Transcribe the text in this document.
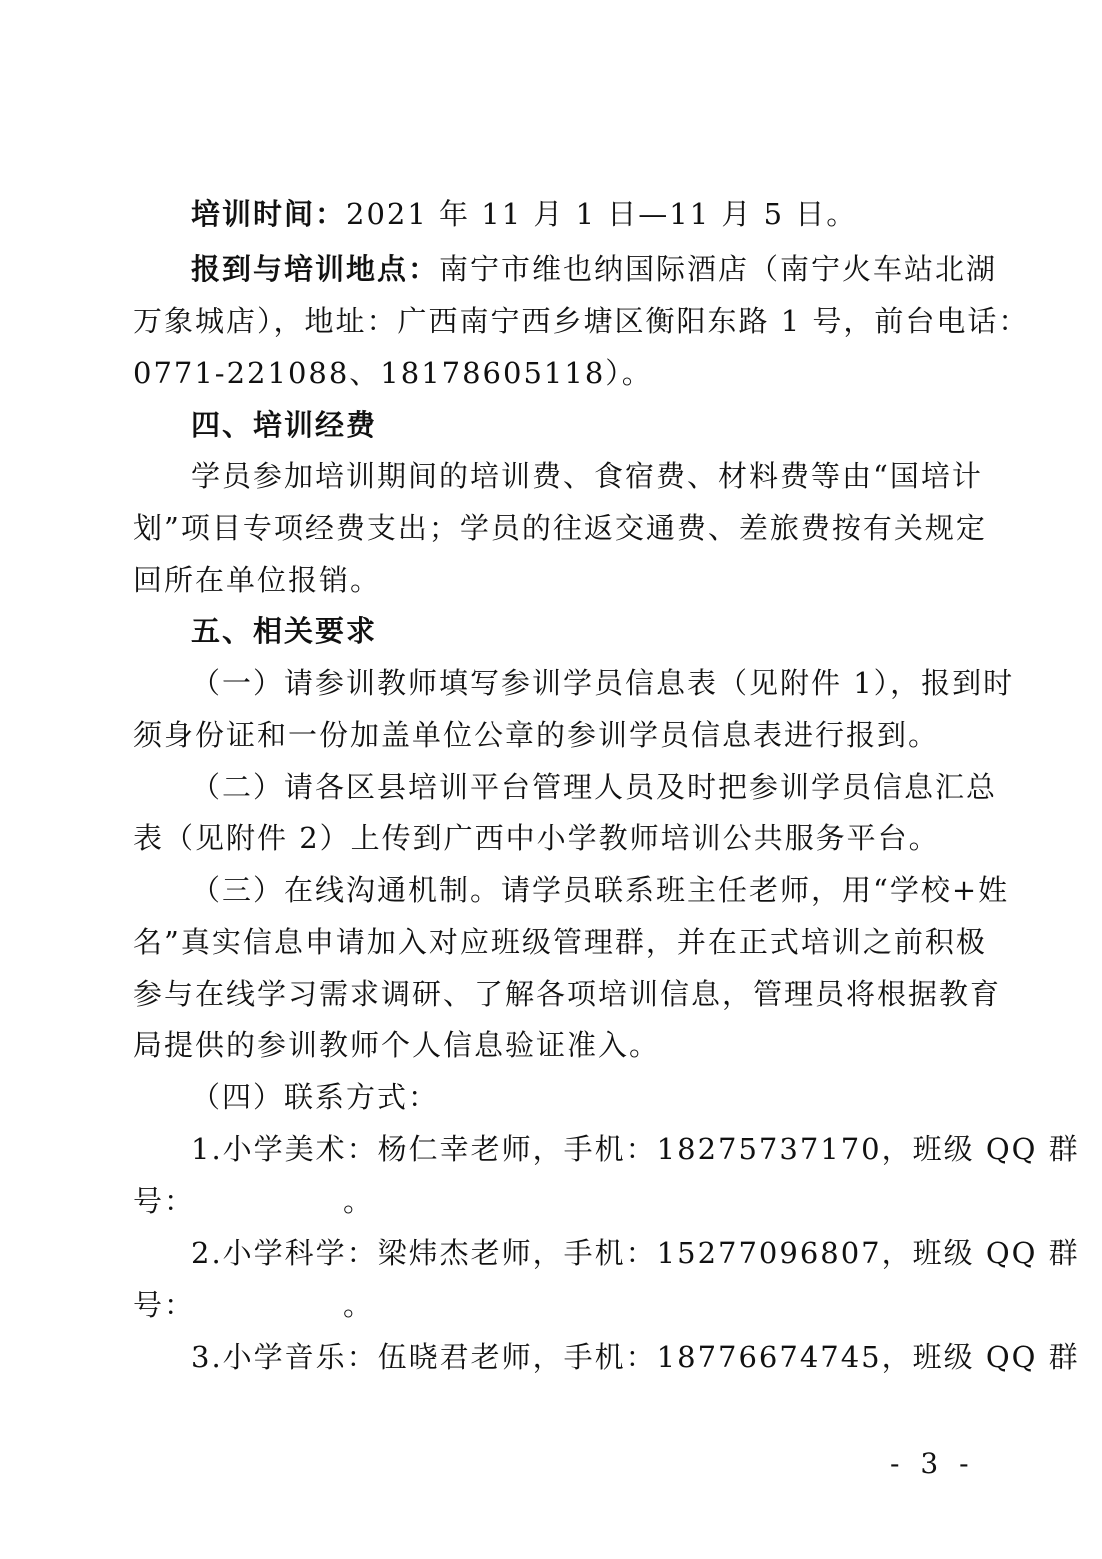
培训时间：2021 年 11 月 1 日—11 月 5 日。
报到与培训地点：南宁市维也纳国际酒店（南宁火车站北湖
万象城店），地址：广西南宁西乡塘区衡阳东路 1 号，前台电话：
0771-221088、18178605118）。
四、培训经费
学员参加培训期间的培训费、食宿费、材料费等由“国培计
划”项目专项经费支出；学员的往返交通费、差旅费按有关规定
回所在单位报销。
五、相关要求
（一）请参训教师填写参训学员信息表（见附件 1），报到时
须身份证和一份加盖单位公章的参训学员信息表进行报到。
（二）请各区县培训平台管理人员及时把参训学员信息汇总
表（见附件 2）上传到广西中小学教师培训公共服务平台。
（三）在线沟通机制。请学员联系班主任老师，用“学校+姓
名”真实信息申请加入对应班级管理群，并在正式培训之前积极
参与在线学习需求调研、了解各项培训信息，管理员将根据教育
局提供的参训教师个人信息验证准入。
（四）联系方式：
1.小学美术：杨仁幸老师，手机：18275737170，班级 QQ 群
号：	。
2.小学科学：梁炜杰老师，手机：15277096807，班级 QQ 群
号：	。
3.小学音乐：伍晓君老师，手机：18776674745，班级 QQ 群
- 3 -
